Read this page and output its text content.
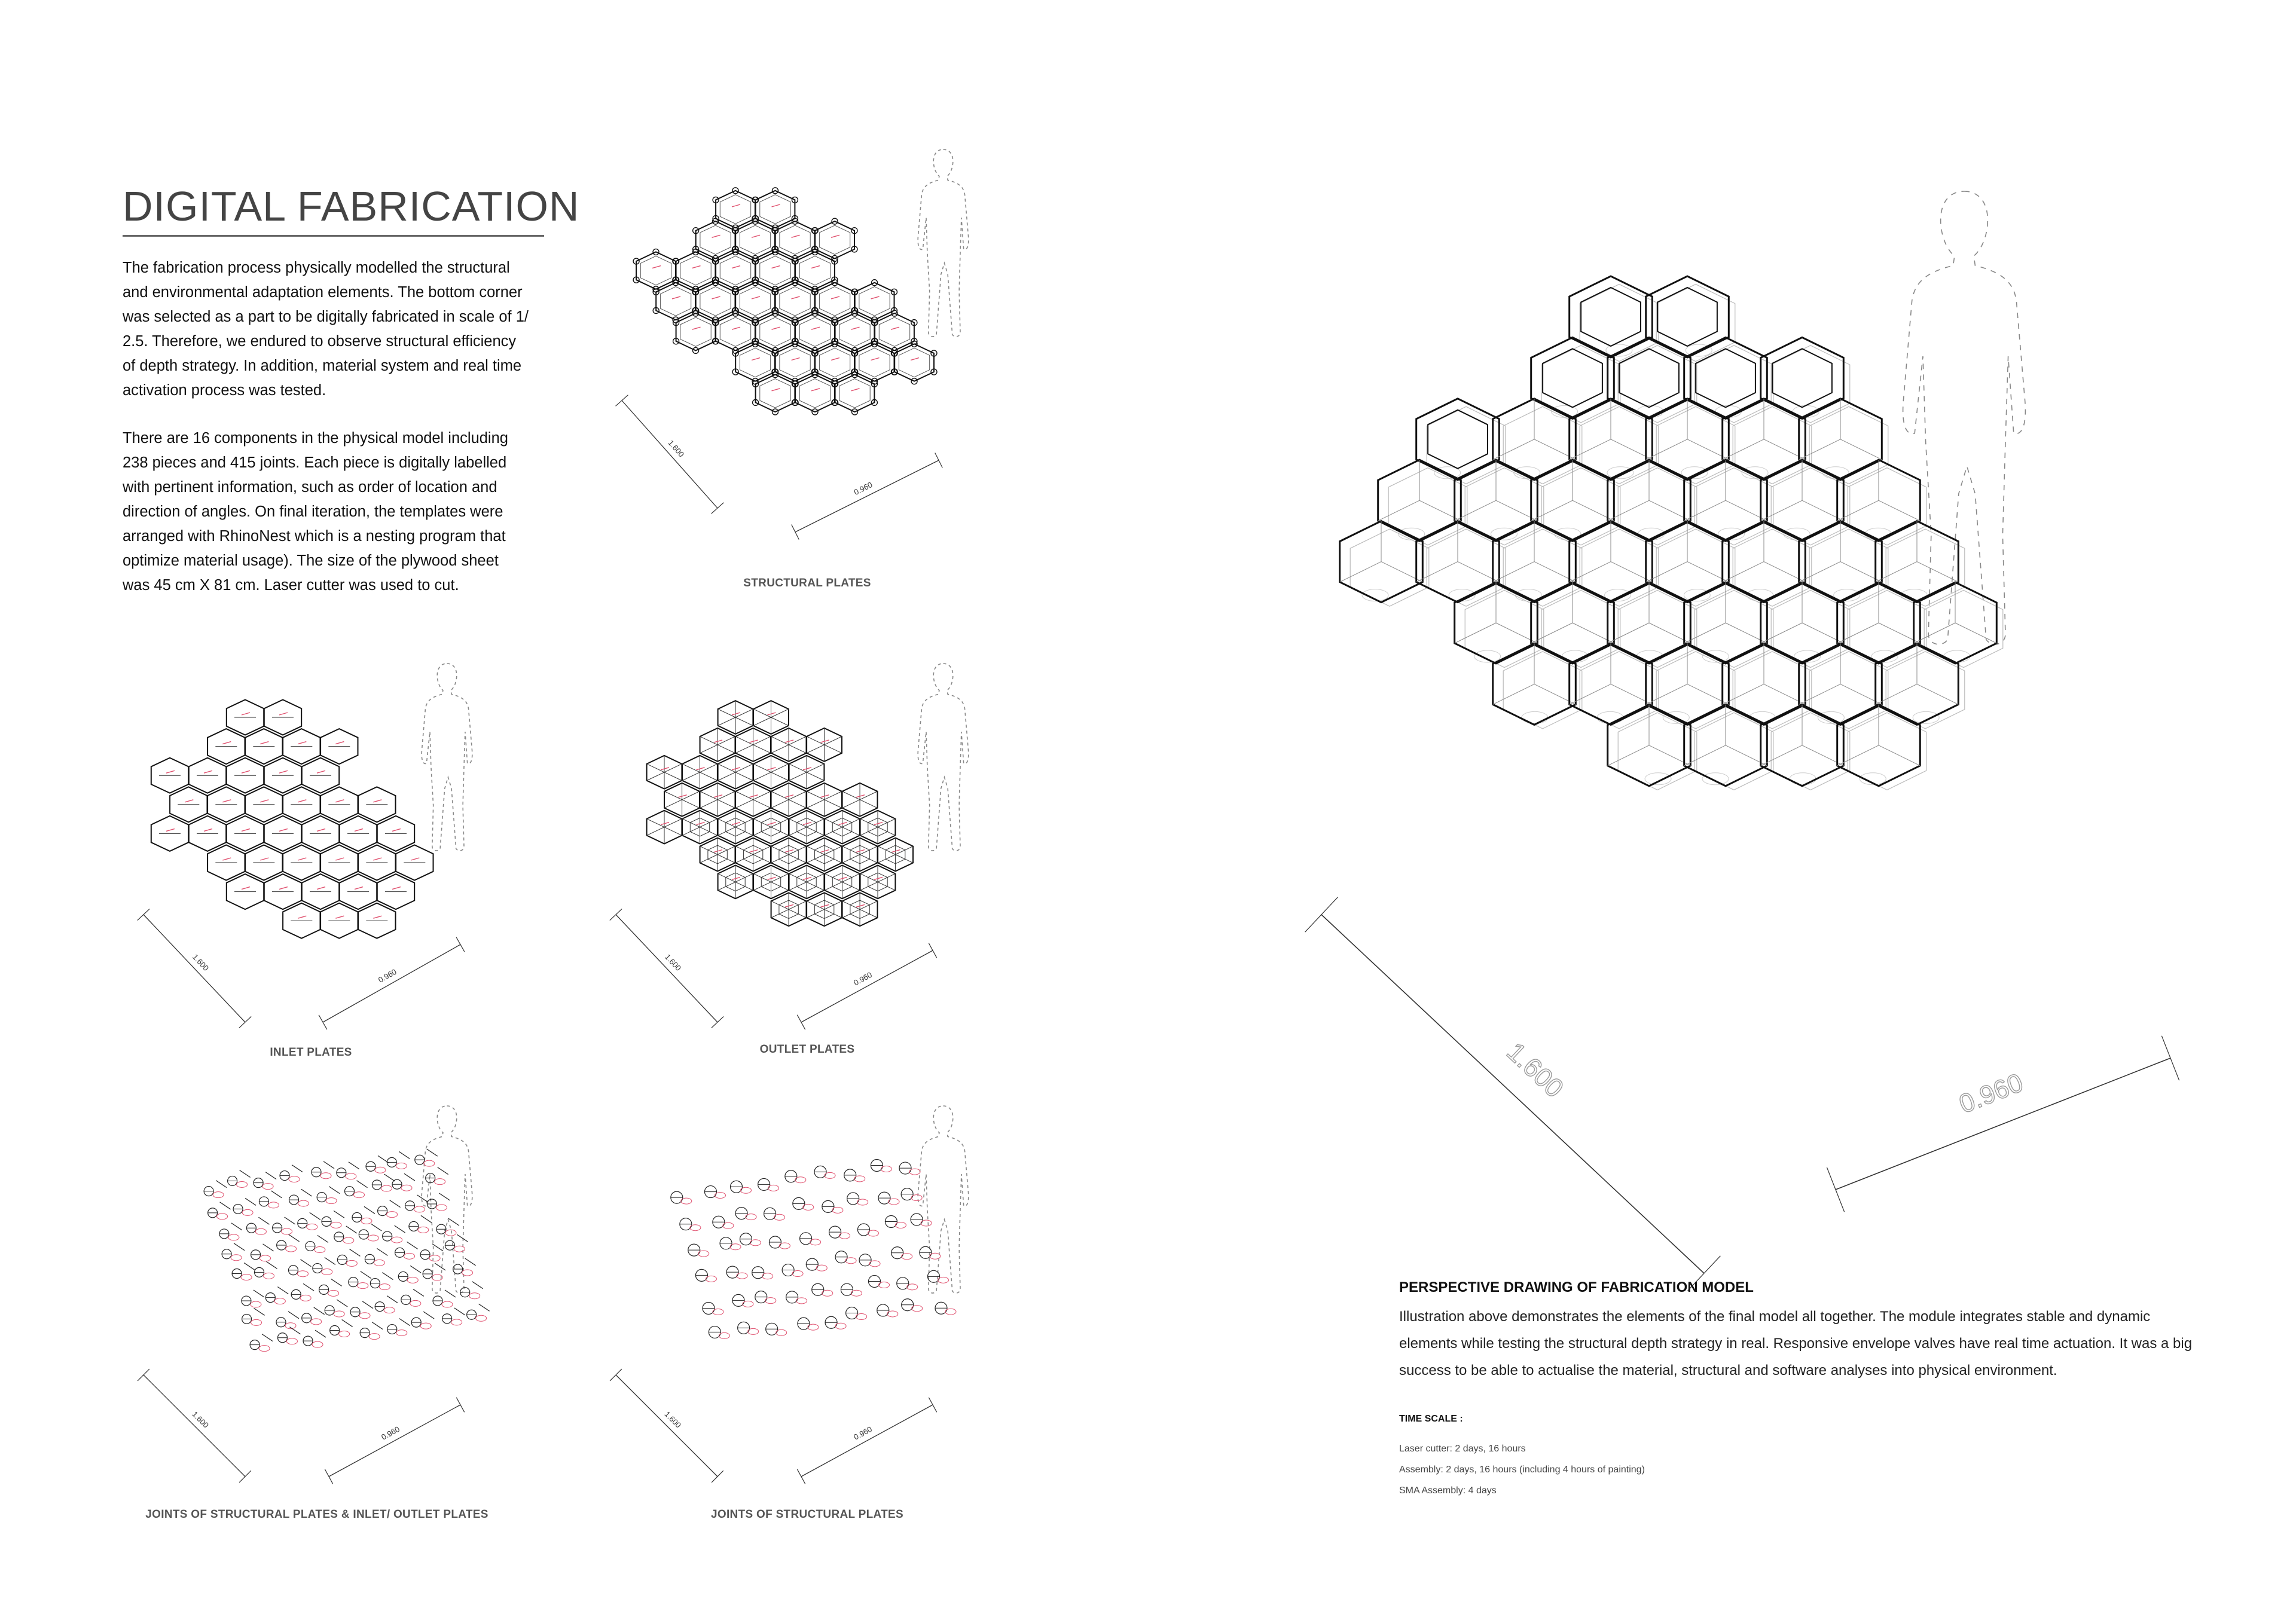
DIGITAL FABRICATION
The fabrication process physically modelled the structural and environmental adaptation elements. The bottom corner was selected as a part to be digitally fabricated in scale of 1/ 2.5. Therefore, we endured to observe structural efficiency of depth strategy. In addition, material system and real time activation process was tested.
There are 16 components in the physical model including 238 pieces and 415 joints. Each piece is digitally labelled with pertinent information, such as order of location and direction of angles. On final iteration, the templates were arranged with RhinoNest which is a nesting program that optimize material usage). The size of the plywood sheet was 45 cm X 81 cm. Laser cutter was used to cut.
1.600
0.960
STRUCTURAL PLATES
1.600
0.960
INLET PLATES
1.600
0.960
OUTLET PLATES
1.600
0.960
JOINTS OF STRUCTURAL PLATES & INLET/ OUTLET PLATES
1.600
0.960
JOINTS OF STRUCTURAL PLATES
1.600	0.960
PERSPECTIVE DRAWING OF FABRICATION MODEL
Illustration above demonstrates the elements of the final model all together. The module integrates stable and dynamic elements while testing the structural depth strategy in real. Responsive envelope valves have real time actuation. It was a big success to be able to actualise the material, structural and software analyses into physical environment.
TIME SCALE :
Laser cutter: 2 days, 16 hours
Assembly: 2 days, 16 hours (including 4 hours of painting)
SMA Assembly: 4 days
